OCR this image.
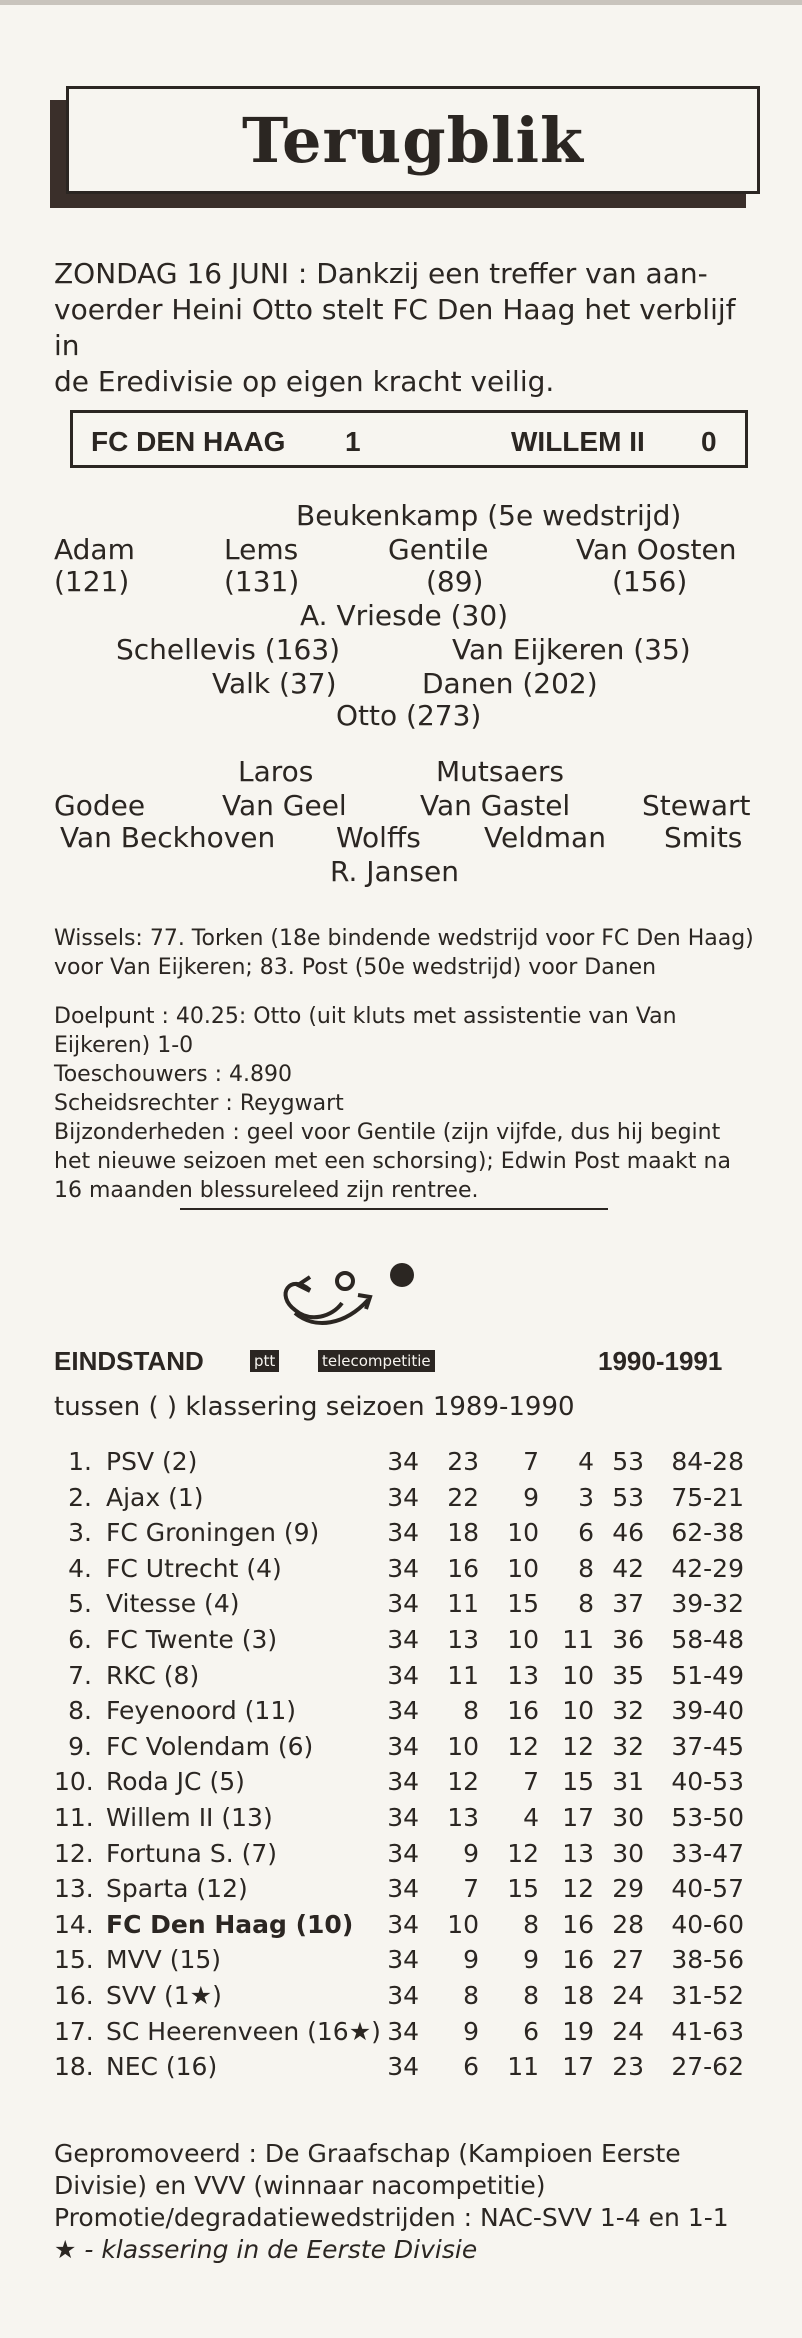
Terugblik
ZONDAG 16 JUNI : Dankzij een treffer van aan-
voerder Heini Otto stelt FC Den Haag het verblijf in
de Eredivisie op eigen kracht veilig.
FC DEN HAAG 1	WILLEM II 0
Beukenkamp (5e wedstrijd)
Adam	Lems	Gentile	Van Oosten
(121)	(131)	(89)	(156)
A. Vriesde (30)
Schellevis (163)	Van Eijkeren (35)
Valk (37)	Danen (202)
Otto (273)
Laros	Mutsaers
Godee	Van Geel	Van Gastel	Stewart
Van Beckhoven Wolffs Veldman Smits
R. Jansen
Wissels: 77. Torken (18e bindende wedstrijd voor FC Den Haag) voor Van Eijkeren; 83. Post (50e wedstrijd) voor Danen
Doelpunt : 40.25: Otto (uit kluts met assistentie van Van Eijkeren) 1-0
Toeschouwers : 4.890
Scheidsrechter : Reygwart
Bijzonderheden : geel voor Gentile (zijn vijfde, dus hij begint het nieuwe seizoen met een schorsing); Edwin Post maakt na 16 maanden blessureleed zijn rentree.
EINDSTAND	ptt	telecompetitie	1990-1991
tussen ( ) klassering seizoen 1989-1990
1. PSV (2)	34	23	7	4 53	84-28
2. Ajax (1)	34	22	9	3 53	75-21
3. FC Groningen (9)	34	18	10	6 46	62-38
4. FC Utrecht (4)	34	16	10	8 42	42-29
5. Vitesse (4)	34	11	15	8 37	39-32
6. FC Twente (3)	34	13	10 11 36	58-48
7. RKC (8)	34	11	13 10 35	51-49
8. Feyenoord (11)	34	8	16 10 32	39-40
9. FC Volendam (6)	34	10	12 12 32	37-45
10. Roda JC (5)	34	12	7 15 31	40-53
11. Willem II (13)	34	13	4 17 30	53-50
12. Fortuna S. (7)	34	9	12 13 30	33-47
13. Sparta (12)	34	7	15 12 29	40-57
14. FC Den Haag (10)	34	10	8 16 28	40-60
15. MVV (15)	34	9	9 16 27	38-56
16. SVV (1★)	34	8	8 18 24	31-52
17. SC Heerenveen (16★) 34	9	6 19 24	41-63
18. NEC (16)	34	6	11 17 23	27-62
Gepromoveerd : De Graafschap (Kampioen Eerste Divisie) en VVV (winnaar nacompetitie)
Promotie/degradatiewedstrijden : NAC-SVV 1-4 en 1-1
★ - klassering in de Eerste Divisie
